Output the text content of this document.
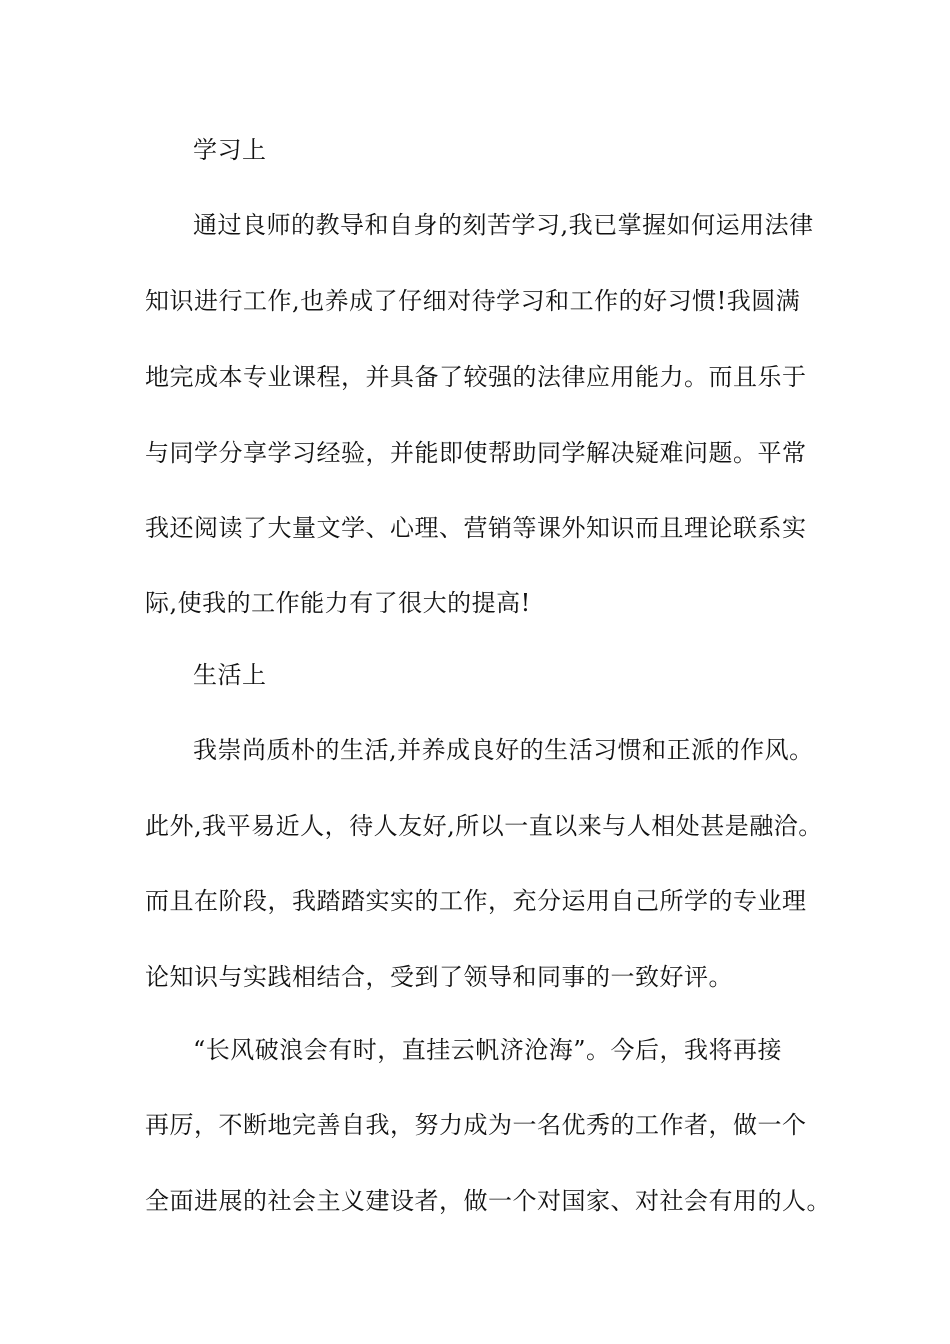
学习上
通过良师的教导和自身的刻苦学习,我已掌握如何运用法律
知识进行工作,也养成了仔细对待学习和工作的好习惯!我圆满
地完成本专业课程，并具备了较强的法律应用能力。而且乐于
与同学分享学习经验，并能即使帮助同学解决疑难问题。平常
我还阅读了大量文学、心理、营销等课外知识而且理论联系实
际,使我的工作能力有了很大的提高!
生活上
我崇尚质朴的生活,并养成良好的生活习惯和正派的作风。
此外,我平易近人，待人友好,所以一直以来与人相处甚是融洽。
而且在阶段，我踏踏实实的工作，充分运用自己所学的专业理
论知识与实践相结合，受到了领导和同事的一致好评。
“长风破浪会有时，直挂云帆济沧海”。今后，我将再接
再厉，不断地完善自我，努力成为一名优秀的工作者，做一个
全面进展的社会主义建设者，做一个对国家、对社会有用的人。
